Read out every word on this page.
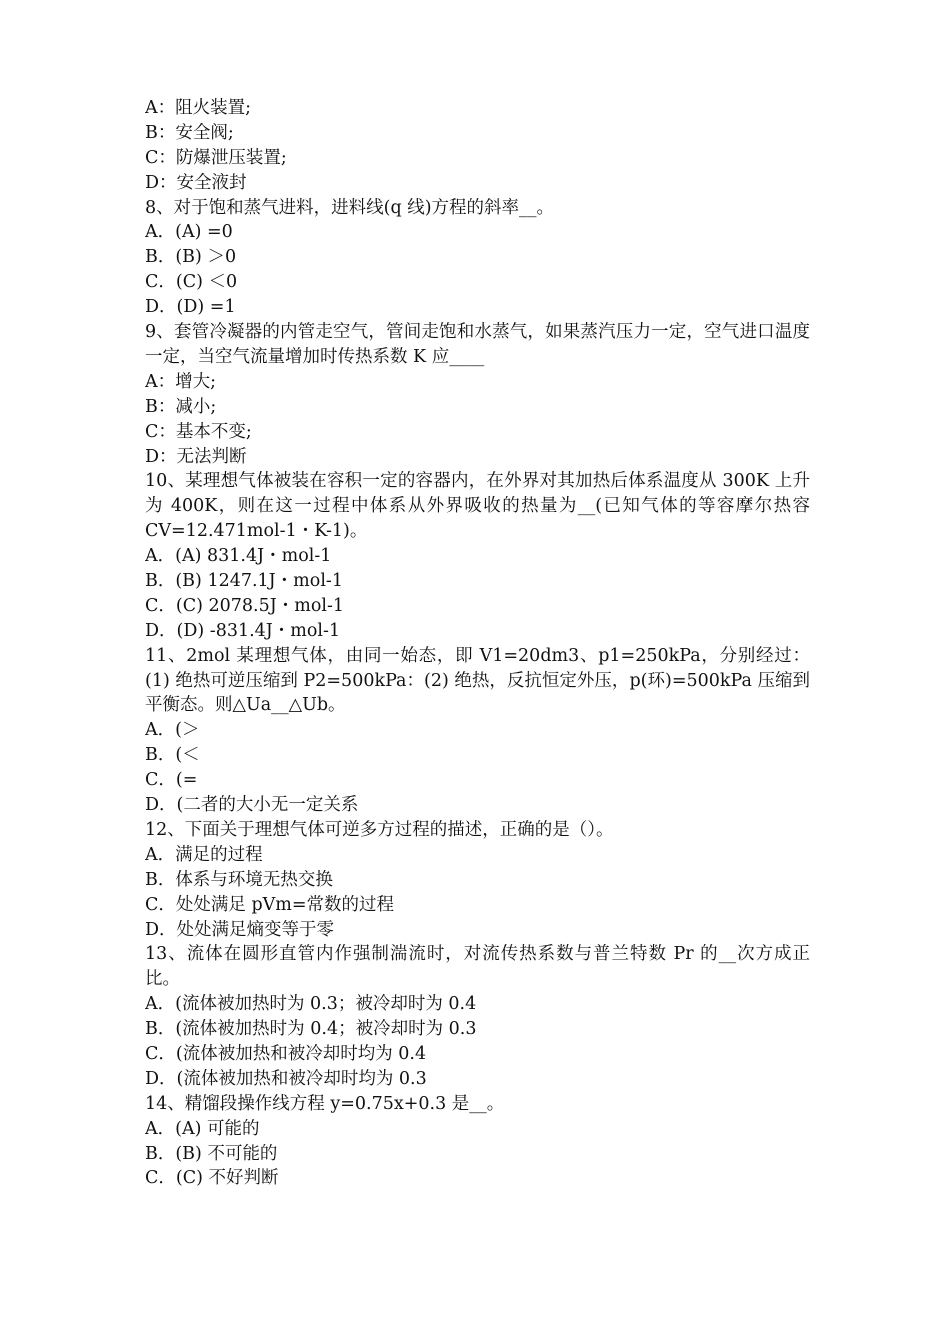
A：阻火装置;
B：安全阀;
C：防爆泄压装置;
D：安全液封
8、对于饱和蒸气进料，进料线(q 线)方程的斜率__。
A．(A) =0
B．(B) ＞0
C．(C) ＜0
D．(D) =1
9、套管冷凝器的内管走空气，管间走饱和水蒸气，如果蒸汽压力一定，空气进口温度一定，当空气流量增加时传热系数 K 应____
A：增大;
B：减小;
C：基本不变;
D：无法判断
10、某理想气体被装在容积一定的容器内，在外界对其加热后体系温度从 300K 上升为 400K，则在这一过程中体系从外界吸收的热量为__(已知气体的等容摩尔热容 CV=12.471mol-1・K-1)。
A．(A) 831.4J・mol-1
B．(B) 1247.1J・mol-1
C．(C) 2078.5J・mol-1
D．(D) -831.4J・mol-1
11、2mol 某理想气体，由同一始态，即 V1=20dm3、p1=250kPa，分别经过：(1) 绝热可逆压缩到 P2=500kPa：(2) 绝热，反抗恒定外压，p(环)=500kPa 压缩到平衡态。则△Ua__△Ub。
A．(＞
B．(＜
C．(=
D．(二者的大小无一定关系
12、下面关于理想气体可逆多方过程的描述，正确的是（）。
A．满足的过程
B．体系与环境无热交换
C．处处满足 pVm=常数的过程
D．处处满足熵变等于零
13、流体在圆形直管内作强制湍流时，对流传热系数与普兰特数 Pr 的__次方成正比。
A．(流体被加热时为 0.3；被冷却时为 0.4
B．(流体被加热时为 0.4；被冷却时为 0.3
C．(流体被加热和被冷却时均为 0.4
D．(流体被加热和被冷却时均为 0.3
14、精馏段操作线方程 y=0.75x+0.3 是__。
A．(A) 可能的
B．(B) 不可能的
C．(C) 不好判断
